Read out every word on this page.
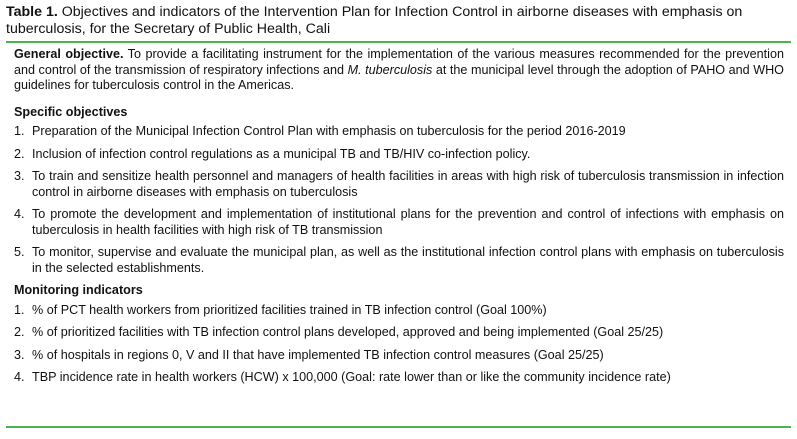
Table 1. Objectives and indicators of the Intervention Plan for Infection Control in airborne diseases with emphasis on tuberculosis, for the Secretary of Public Health, Cali

General objective. To provide a facilitating instrument for the implementation of the various measures recommended for the prevention and control of the transmission of respiratory infections and M. tuberculosis at the municipal level through the adoption of PAHO and WHO guidelines for tuberculosis control in the Americas.

Specific objectives
1. Preparation of the Municipal Infection Control Plan with emphasis on tuberculosis for the period 2016-2019
2. Inclusion of infection control regulations as a municipal TB and TB/HIV co-infection policy.
3. To train and sensitize health personnel and managers of health facilities in areas with high risk of tuberculosis transmission in infection control in airborne diseases with emphasis on tuberculosis
4. To promote the development and implementation of institutional plans for the prevention and control of infections with emphasis on tuberculosis in health facilities with high risk of TB transmission
5. To monitor, supervise and evaluate the municipal plan, as well as the institutional infection control plans with emphasis on tuberculosis in the selected establishments.
Monitoring indicators
1. % of PCT health workers from prioritized facilities trained in TB infection control (Goal 100%)
2. % of prioritized facilities with TB infection control plans developed, approved and being implemented (Goal 25/25)
3. % of hospitals in regions 0, V and II that have implemented TB infection control measures (Goal 25/25)
4. TBP incidence rate in health workers (HCW) x 100,000 (Goal: rate lower than or like the community incidence rate)
